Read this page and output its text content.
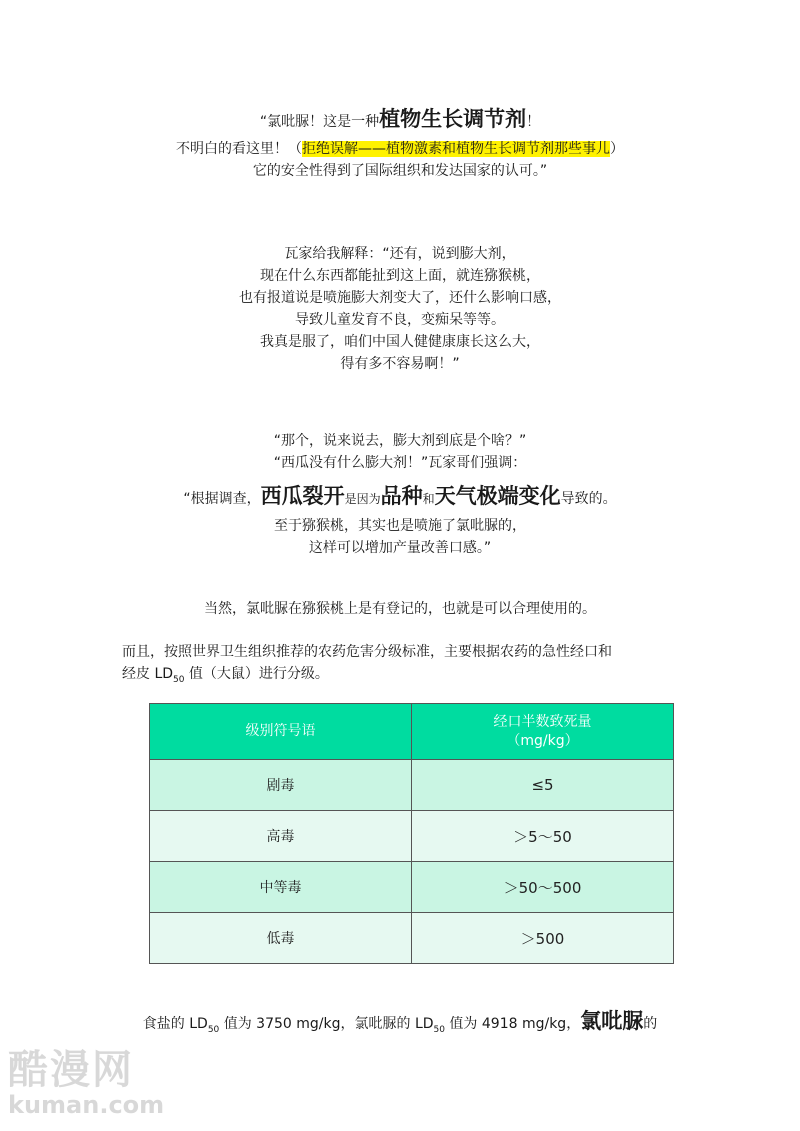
“氯吡脲！这是一种植物生长调节剂！
不明白的看这里！（拒绝误解——植物激素和植物生长调节剂那些事儿）
它的安全性得到了国际组织和发达国家的认可。”
瓦家给我解释：“还有，说到膨大剂，
现在什么东西都能扯到这上面，就连猕猴桃，
也有报道说是喷施膨大剂变大了，还什么影响口感，
导致儿童发育不良，变痴呆等等。
我真是服了，咱们中国人健健康康长这么大，
得有多不容易啊！”
“那个，说来说去，膨大剂到底是个啥？”
“西瓜没有什么膨大剂！”瓦家哥们强调：
“根据调查，西瓜裂开是因为品种和天气极端变化导致的。
至于猕猴桃，其实也是喷施了氯吡脲的，
这样可以增加产量改善口感。”
当然，氯吡脲在猕猴桃上是有登记的，也就是可以合理使用的。
而且，按照世界卫生组织推荐的农药危害分级标准，主要根据农药的急性经口和
经皮 $LD_{50}$ 值（大鼠）进行分级。
级别符号语	经口半数致死量
（mg/kg）

剧毒	≤5
高毒	＞5～50
中等毒	＞50～500
低毒	＞500
食盐的 $LD_{50}$ 值为 3750 mg/kg，氯吡脲的 $LD_{50}$ 值为 4918 mg/kg，氯吡脲的
酷漫网
kuman.com
